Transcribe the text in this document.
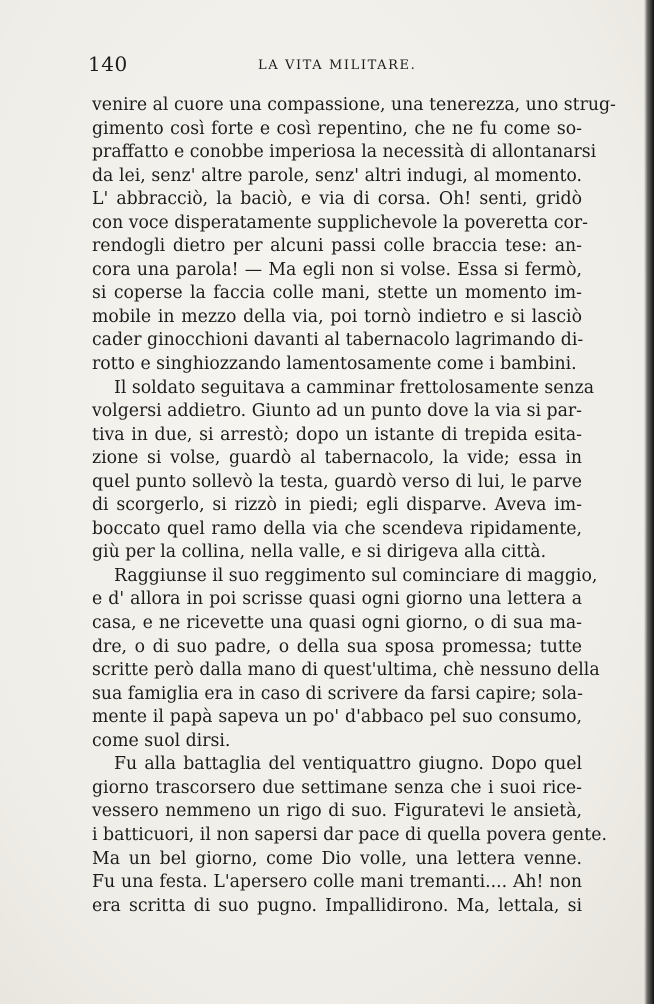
140	LA VITA MILITARE.
venire al cuore una compassione, una tenerezza, uno strug-
gimento così forte e così repentino, che ne fu come so-
praffatto e conobbe imperiosa la necessità di allontanarsi
da lei, senz' altre parole, senz' altri indugi, al momento.
L' abbracciò, la baciò, e via di corsa. Oh! senti, gridò
con voce disperatamente supplichevole la poveretta cor-
rendogli dietro per alcuni passi colle braccia tese: an-
cora una parola! — Ma egli non si volse. Essa si fermò,
si coperse la faccia colle mani, stette un momento im-
mobile in mezzo della via, poi tornò indietro e si lasciò
cader ginocchioni davanti al tabernacolo lagrimando di-
rotto e singhiozzando lamentosamente come i bambini.
Il soldato seguitava a camminar frettolosamente senza
volgersi addietro. Giunto ad un punto dove la via si par-
tiva in due, si arrestò; dopo un istante di trepida esita-
zione si volse, guardò al tabernacolo, la vide; essa in
quel punto sollevò la testa, guardò verso di lui, le parve
di scorgerlo, si rizzò in piedi; egli disparve. Aveva im-
boccato quel ramo della via che scendeva ripidamente,
giù per la collina, nella valle, e si dirigeva alla città.
Raggiunse il suo reggimento sul cominciare di maggio,
e d' allora in poi scrisse quasi ogni giorno una lettera a
casa, e ne ricevette una quasi ogni giorno, o di sua ma-
dre, o di suo padre, o della sua sposa promessa; tutte
scritte però dalla mano di quest'ultima, chè nessuno della
sua famiglia era in caso di scrivere da farsi capire; sola-
mente il papà sapeva un po' d'abbaco pel suo consumo,
come suol dirsi.
Fu alla battaglia del ventiquattro giugno. Dopo quel
giorno trascorsero due settimane senza che i suoi rice-
vessero nemmeno un rigo di suo. Figuratevi le ansietà,
i batticuori, il non sapersi dar pace di quella povera gente.
Ma un bel giorno, come Dio volle, una lettera venne.
Fu una festa. L'apersero colle mani tremanti.... Ah! non
era scritta di suo pugno. Impallidirono. Ma, lettala, si
